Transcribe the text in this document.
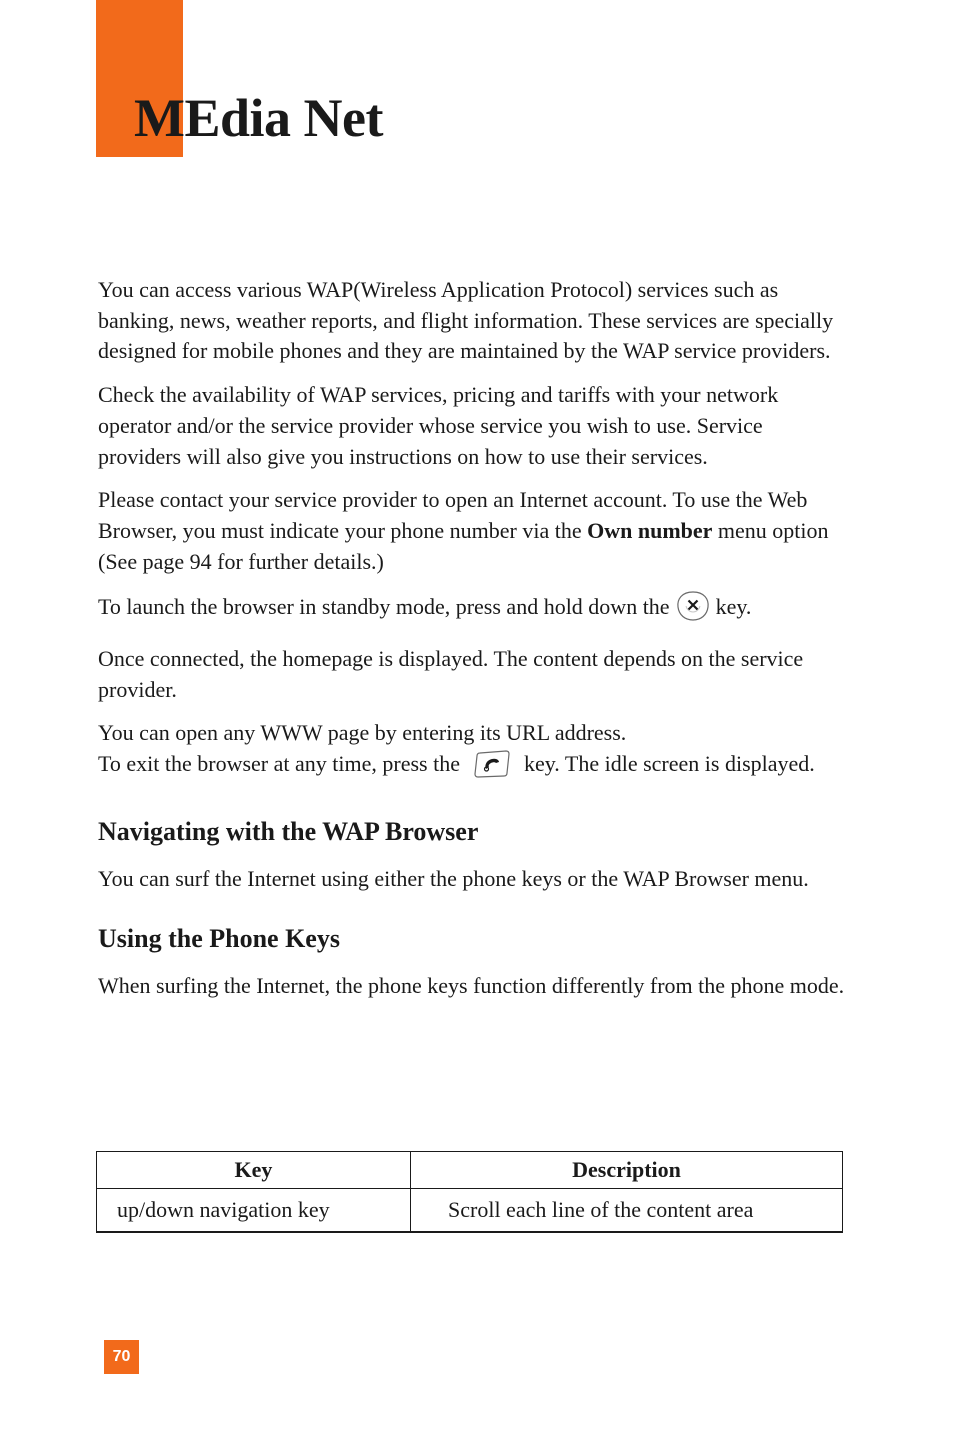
MEdia Net

You can access various WAP(Wireless Application Protocol) services such as banking, news, weather reports, and flight information. These services are specially designed for mobile phones and they are maintained by the WAP service providers.

Check the availability of WAP services, pricing and tariffs with your network operator and/or the service provider whose service you wish to use. Service providers will also give you instructions on how to use their services.

Please contact your service provider to open an Internet account. To use the Web Browser, you must indicate your phone number via the Own number menu option (See page 94 for further details.)

To launch the browser in standby mode, press and hold down the key.

Once connected, the homepage is displayed. The content depends on the service provider.

You can open any WWW page by entering its URL address.
To exit the browser at any time, press the	key. The idle screen is displayed.

Navigating with the WAP Browser

You can surf the Internet using either the phone keys or the WAP Browser menu.

Using the Phone Keys

When surfing the Internet, the phone keys function differently from the phone mode.

Key	Description
up/down navigation key	Scroll each line of the content area
70
